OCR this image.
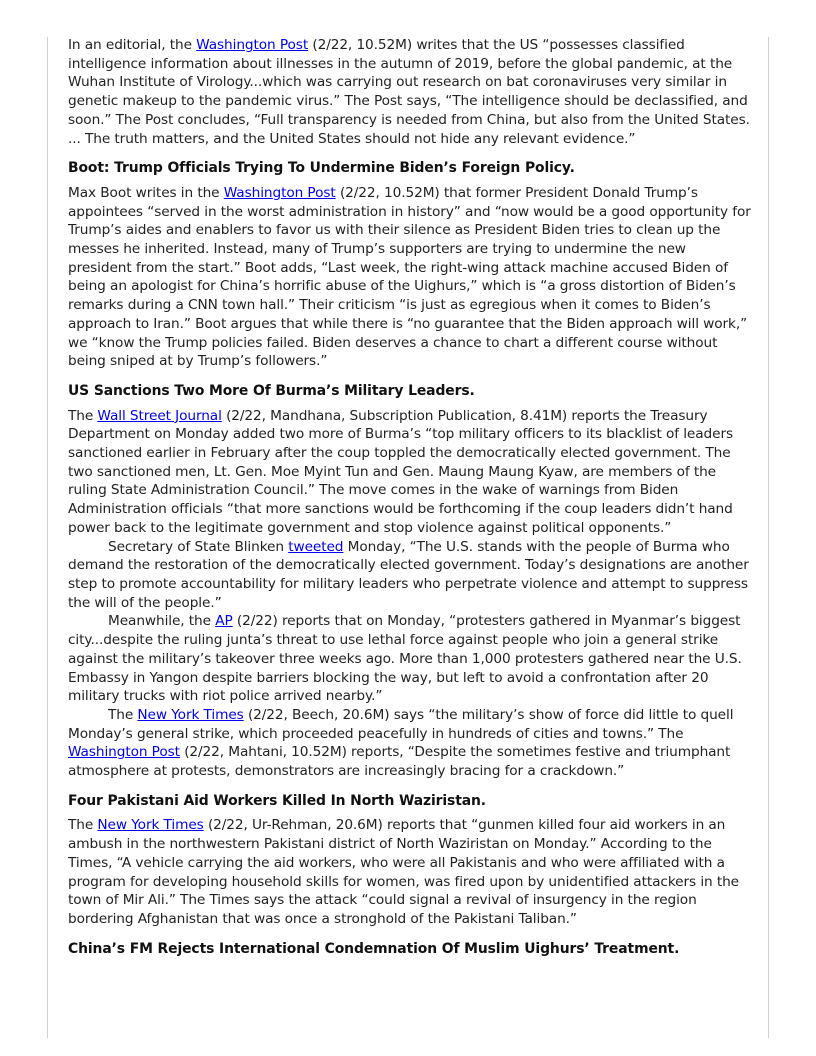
In an editorial, the Washington Post (2/22, 10.52M) writes that the US “possesses classified intelligence information about illnesses in the autumn of 2019, before the global pandemic, at the Wuhan Institute of Virology...which was carrying out research on bat coronaviruses very similar in genetic makeup to the pandemic virus.” The Post says, “The intelligence should be declassified, and soon.” The Post concludes, “Full transparency is needed from China, but also from the United States. ... The truth matters, and the United States should not hide any relevant evidence.”

Boot: Trump Officials Trying To Undermine Biden’s Foreign Policy.

Max Boot writes in the Washington Post (2/22, 10.52M) that former President Donald Trump’s appointees “served in the worst administration in history” and “now would be a good opportunity for Trump’s aides and enablers to favor us with their silence as President Biden tries to clean up the messes he inherited. Instead, many of Trump’s supporters are trying to undermine the new president from the start.” Boot adds, “Last week, the right-wing attack machine accused Biden of being an apologist for China’s horrific abuse of the Uighurs,” which is “a gross distortion of Biden’s remarks during a CNN town hall.” Their criticism “is just as egregious when it comes to Biden’s approach to Iran.” Boot argues that while there is “no guarantee that the Biden approach will work,” we “know the Trump policies failed. Biden deserves a chance to chart a different course without being sniped at by Trump’s followers.”

US Sanctions Two More Of Burma’s Military Leaders.

The Wall Street Journal (2/22, Mandhana, Subscription Publication, 8.41M) reports the Treasury Department on Monday added two more of Burma’s “top military officers to its blacklist of leaders sanctioned earlier in February after the coup toppled the democratically elected government. The two sanctioned men, Lt. Gen. Moe Myint Tun and Gen. Maung Maung Kyaw, are members of the ruling State Administration Council.” The move comes in the wake of warnings from Biden Administration officials “that more sanctions would be forthcoming if the coup leaders didn’t hand power back to the legitimate government and stop violence against political opponents.”

Secretary of State Blinken tweeted Monday, “The U.S. stands with the people of Burma who demand the restoration of the democratically elected government. Today’s designations are another step to promote accountability for military leaders who perpetrate violence and attempt to suppress the will of the people.”

Meanwhile, the AP (2/22) reports that on Monday, “protesters gathered in Myanmar’s biggest city...despite the ruling junta’s threat to use lethal force against people who join a general strike against the military’s takeover three weeks ago. More than 1,000 protesters gathered near the U.S. Embassy in Yangon despite barriers blocking the way, but left to avoid a confrontation after 20 military trucks with riot police arrived nearby.”

The New York Times (2/22, Beech, 20.6M) says “the military’s show of force did little to quell Monday’s general strike, which proceeded peacefully in hundreds of cities and towns.” The Washington Post (2/22, Mahtani, 10.52M) reports, “Despite the sometimes festive and triumphant atmosphere at protests, demonstrators are increasingly bracing for a crackdown.”

Four Pakistani Aid Workers Killed In North Waziristan.

The New York Times (2/22, Ur-Rehman, 20.6M) reports that “gunmen killed four aid workers in an ambush in the northwestern Pakistani district of North Waziristan on Monday.” According to the Times, “A vehicle carrying the aid workers, who were all Pakistanis and who were affiliated with a program for developing household skills for women, was fired upon by unidentified attackers in the town of Mir Ali.” The Times says the attack “could signal a revival of insurgency in the region bordering Afghanistan that was once a stronghold of the Pakistani Taliban.”

China’s FM Rejects International Condemnation Of Muslim Uighurs’ Treatment.
